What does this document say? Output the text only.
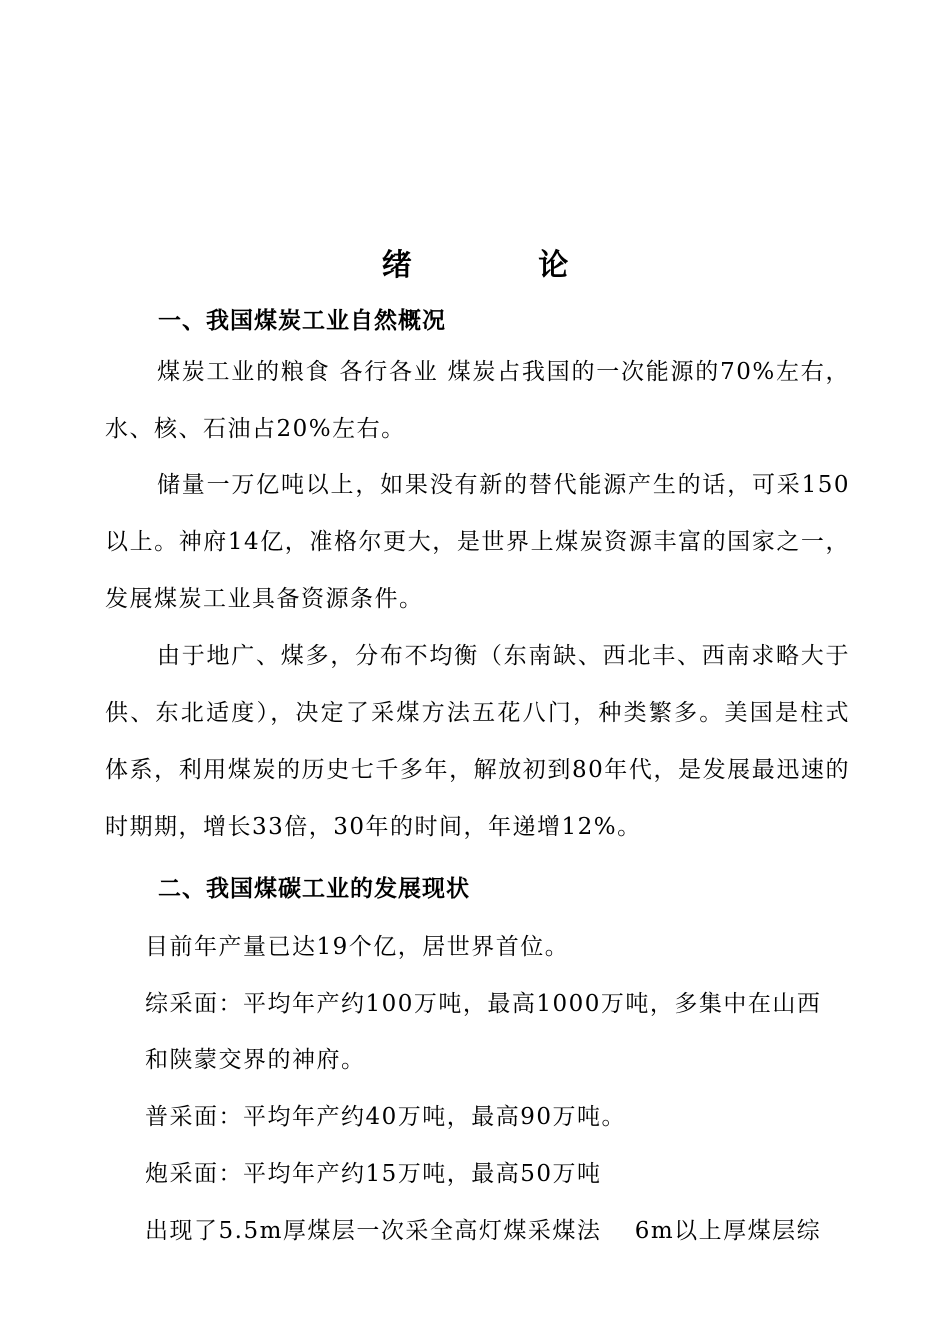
绪 论
一、我国煤炭工业自然概况
煤炭工业的粮食 各行各业 煤炭占我国的一次能源的70%左右，水、核、石油占20%左右。
储量一万亿吨以上，如果没有新的替代能源产生的话，可采150以上。神府14亿，准格尔更大，是世界上煤炭资源丰富的国家之一，发展煤炭工业具备资源条件。
由于地广、煤多，分布不均衡（东南缺、西北丰、西南求略大于供、东北适度），决定了采煤方法五花八门，种类繁多。美国是柱式体系，利用煤炭的历史七千多年，解放初到80年代，是发展最迅速的时期期，增长33倍，30年的时间，年递增12%。
二、我国煤碳工业的发展现状
目前年产量已达19个亿，居世界首位。
综采面：平均年产约100万吨，最高1000万吨，多集中在山西
和陕蒙交界的神府。
普采面：平均年产约40万吨，最高90万吨。
炮采面：平均年产约15万吨，最高50万吨
出现了5.5m厚煤层一次采全高灯煤采煤法　 6m以上厚煤层综
